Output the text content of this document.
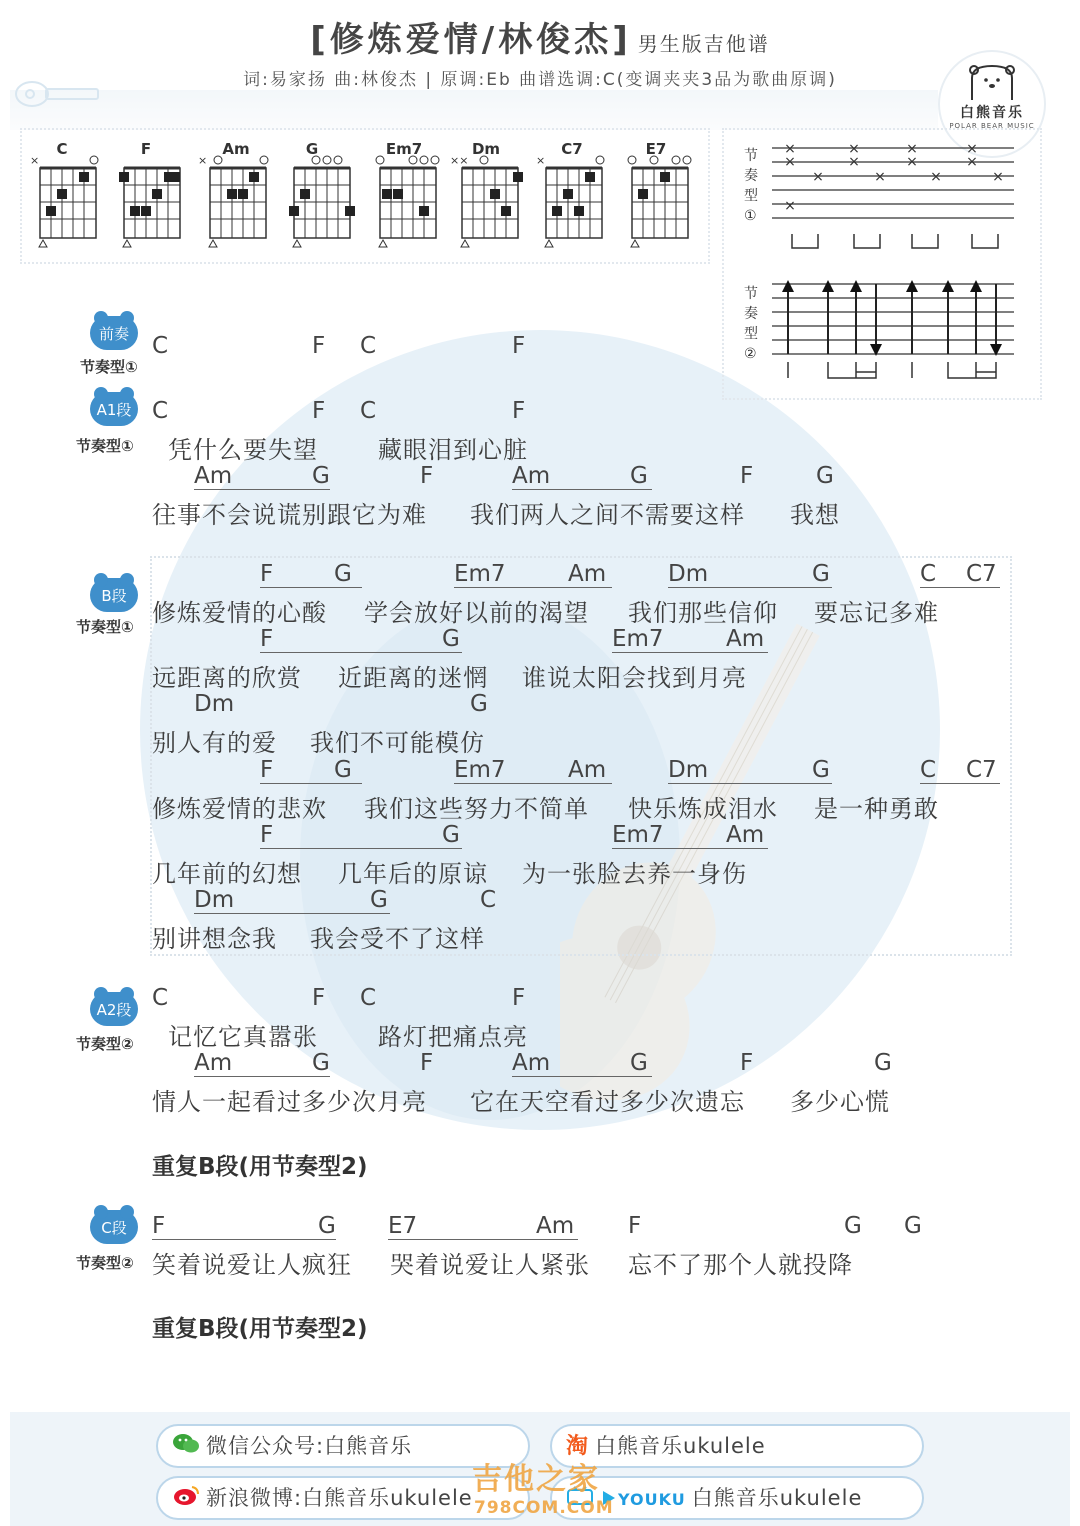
[修炼爱情/林俊杰] 男生版吉他谱
词:易家扬 曲:林俊杰 | 原调:Eb 曲谱选调:C(变调夹夹3品为歌曲原调)
白熊音乐
POLAR BEAR MUSIC
C
×
F	Am
×
G	Em7	Dm
××
C7
×
E7	节
奏
型
①
节
奏
型
②
×
×
×
×
×
×
×
×
×
×
×
×
×
前奏
节奏型①
C	F C	F
A1段
节奏型①
C	F C	F
凭什么要失望	藏眼泪到心脏
Am	G	F	Am	G	F	G
往事不会说谎别跟它为难 我们两人之间不需要这样 我想
B段
节奏型①
F	G	Em7	Am	Dm	G	C	C7
修炼爱情的心酸 学会放好以前的渴望 我们那些信仰 要忘记多难
F	G	Em7	Am
远距离的欣赏 近距离的迷惘 谁说太阳会找到月亮
Dm	G
别人有的爱 我们不可能模仿
F	G	Em7	Am	Dm	G	C	C7
修炼爱情的悲欢 我们这些努力不简单 快乐炼成泪水 是一种勇敢
F	G	Em7	Am
几年前的幻想 几年后的原谅 为一张脸去养一身伤
Dm	G	C
别讲想念我 我会受不了这样
A2段
节奏型②
C	F C	F
记忆它真嚣张	路灯把痛点亮
Am	G	F	Am	G	F	G
情人一起看过多少次月亮 它在天空看过多少次遗忘 多少心慌
重复B段(用节奏型2)
C段
节奏型②
F	G E7	Am F	G G
笑着说爱让人疯狂 哭着说爱让人紧张 忘不了那个人就投降
重复B段(用节奏型2)
微信公众号:白熊音乐	淘 白熊音乐ukulele
新浪微博:白熊音乐ukulele	YOUKU 白熊音乐ukulele
吉他之家
798COM.COM
